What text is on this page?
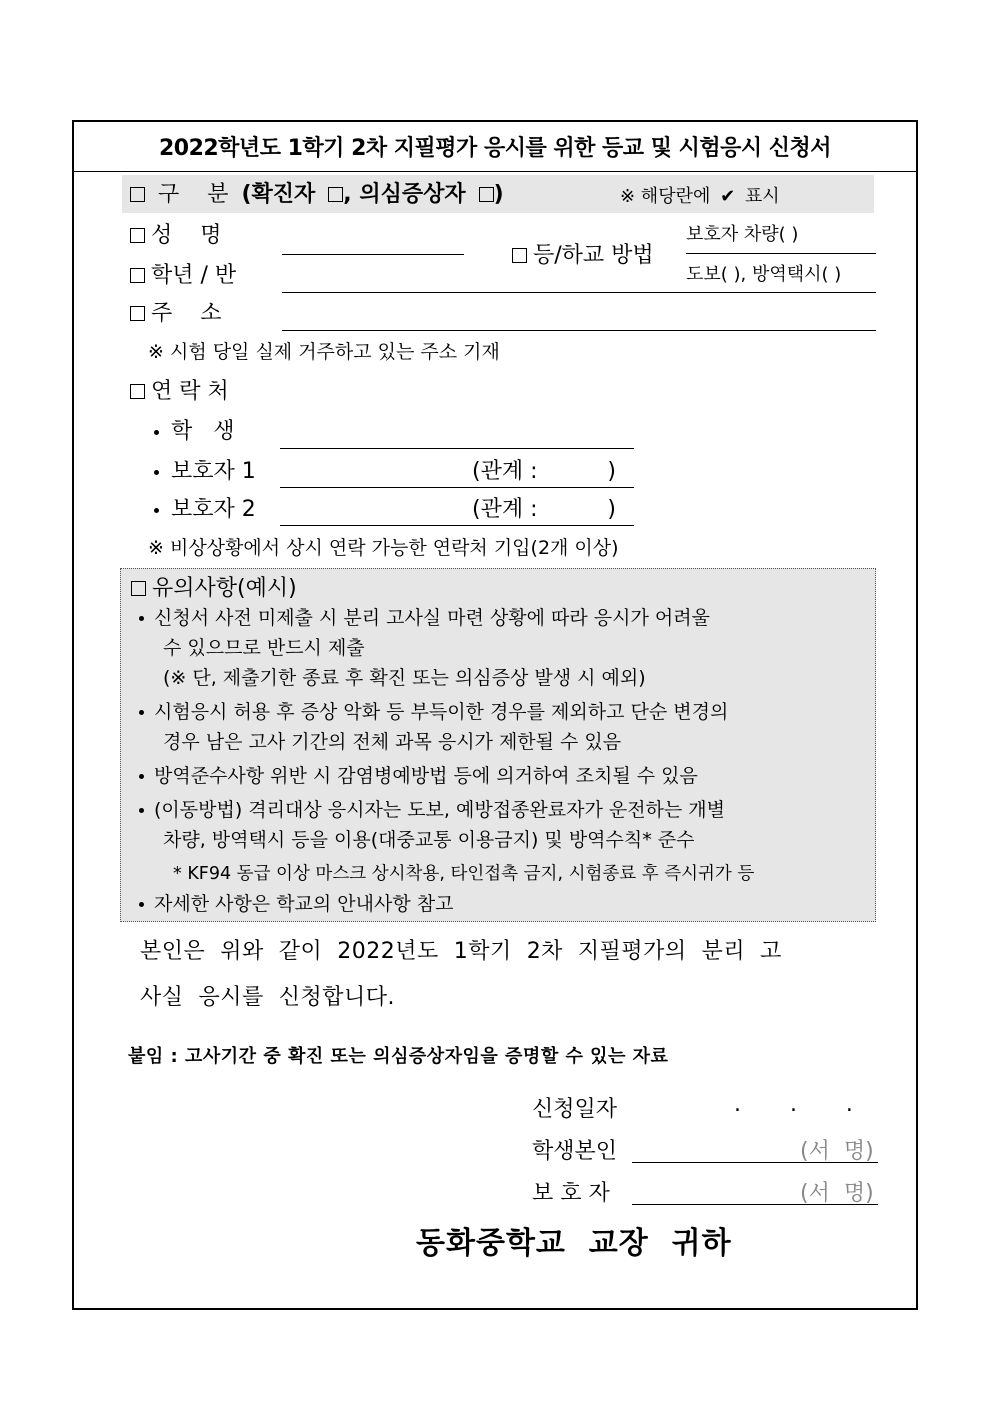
2022학년도 1학기 2차 지필평가 응시를 위한 등교 및 시험응시 신청서
구    분 (확진자 , 의심증상자 )	※ 해당란에 ✔ 표시
성    명
학년 / 반
등/하교 방법
보호자 차량( )
도보( ), 방역택시( )
주    소
※ 시험 당일 실제 거주하고 있는 주소 기재
연 락 처
학   생
보호자 1	(관계 :          )
보호자 2	(관계 :          )
※ 비상상황에서 상시 연락 가능한 연락처 기입(2개 이상)
유의사항(예시)
신청서 사전 미제출 시 분리 고사실 마련 상황에 따라 응시가 어려울
수 있으므로 반드시 제출
(※ 단, 제출기한 종료 후 확진 또는 의심증상 발생 시 예외)
시험응시 허용 후 증상 악화 등 부득이한 경우를 제외하고 단순 변경의
경우 남은 고사 기간의 전체 과목 응시가 제한될 수 있음
방역준수사항 위반 시 감염병예방법 등에 의거하여 조치될 수 있음
(이동방법) 격리대상 응시자는 도보, 예방접종완료자가 운전하는 개별
차량, 방역택시 등을 이용(대중교통 이용금지) 및 방역수칙* 준수
* KF94 동급 이상 마스크 상시착용, 타인접촉 금지, 시험종료 후 즉시귀가 등
자세한 사항은 학교의 안내사항 참고
본인은  위와  같이  2022년도  1학기  2차  지필평가의  분리  고
사실  응시를  신청합니다.
붙임 : 고사기간 중 확진 또는 의심증상자임을 증명할 수 있는 자료
신청일자	.       .       .
학생본인	(서  명)
보 호 자	(서  명)
동화중학교  교장  귀하
